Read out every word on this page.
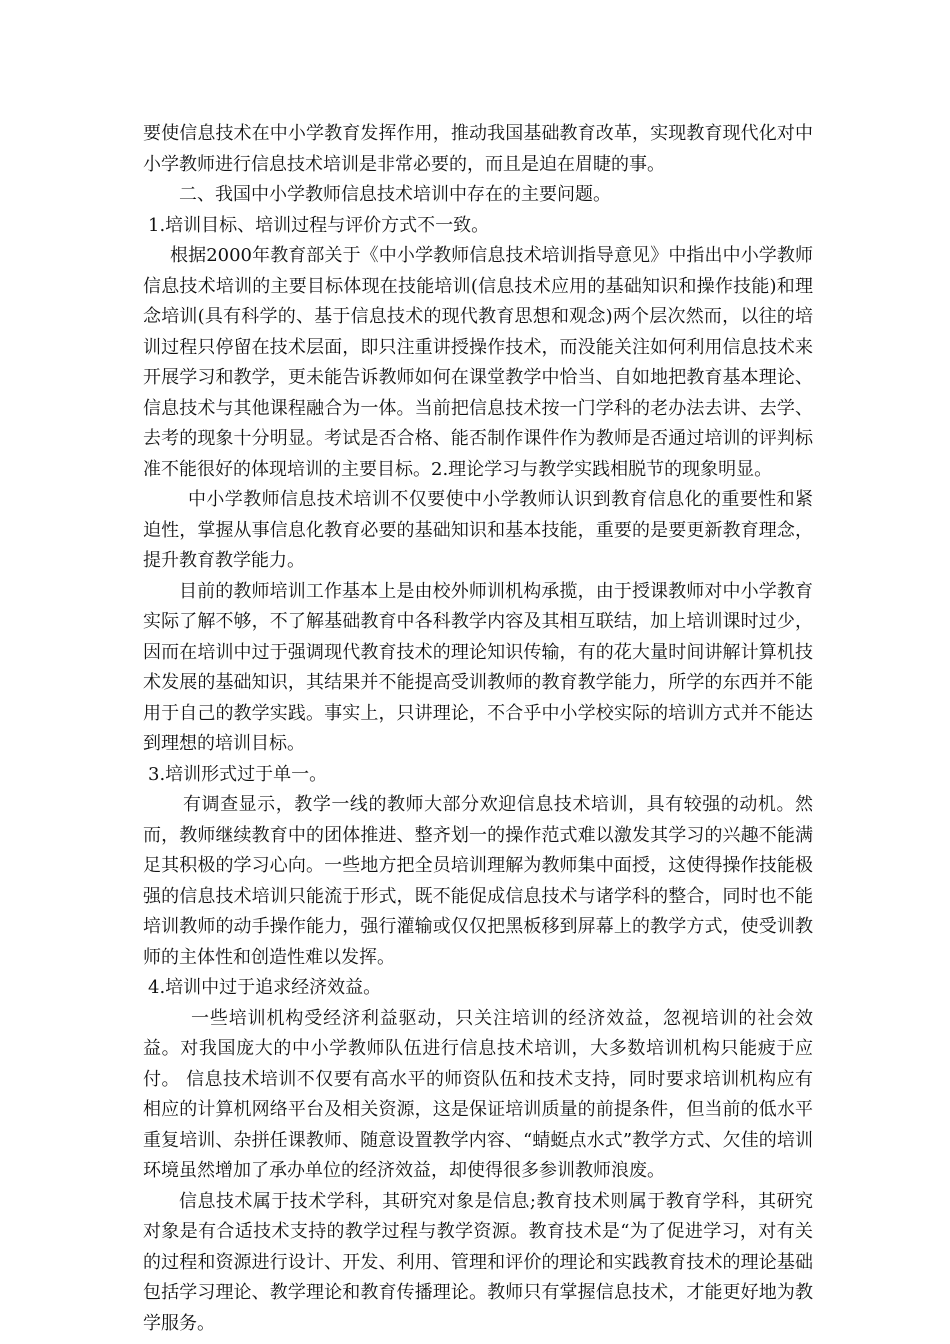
要使信息技术在中小学教育发挥作用，推动我国基础教育改革，实现教育现代化对中小学教师进行信息技术培训是非常必要的，而且是迫在眉睫的事。

二、我国中小学教师信息技术培训中存在的主要问题。

1.培训目标、培训过程与评价方式不一致。

根据2000年教育部关于《中小学教师信息技术培训指导意见》中指出中小学教师信息技术培训的主要目标体现在技能培训(信息技术应用的基础知识和操作技能)和理念培训(具有科学的、基于信息技术的现代教育思想和观念)两个层次然而，以往的培训过程只停留在技术层面，即只注重讲授操作技术，而没能关注如何利用信息技术来开展学习和教学，更未能告诉教师如何在课堂教学中恰当、自如地把教育基本理论、信息技术与其他课程融合为一体。当前把信息技术按一门学科的老办法去讲、去学、去考的现象十分明显。考试是否合格、能否制作课件作为教师是否通过培训的评判标准不能很好的体现培训的主要目标。2.理论学习与教学实践相脱节的现象明显。

中小学教师信息技术培训不仅要使中小学教师认识到教育信息化的重要性和紧迫性，掌握从事信息化教育必要的基础知识和基本技能，重要的是要更新教育理念，提升教育教学能力。

目前的教师培训工作基本上是由校外师训机构承揽，由于授课教师对中小学教育实际了解不够，不了解基础教育中各科教学内容及其相互联结，加上培训课时过少，因而在培训中过于强调现代教育技术的理论知识传输，有的花大量时间讲解计算机技术发展的基础知识，其结果并不能提高受训教师的教育教学能力，所学的东西并不能用于自己的教学实践。事实上，只讲理论，不合乎中小学校实际的培训方式并不能达到理想的培训目标。

3.培训形式过于单一。

有调查显示，教学一线的教师大部分欢迎信息技术培训，具有较强的动机。然而，教师继续教育中的团体推进、整齐划一的操作范式难以激发其学习的兴趣不能满足其积极的学习心向。一些地方把全员培训理解为教师集中面授，这使得操作技能极强的信息技术培训只能流于形式，既不能促成信息技术与诸学科的整合，同时也不能培训教师的动手操作能力，强行灌输或仅仅把黑板移到屏幕上的教学方式，使受训教师的主体性和创造性难以发挥。

4.培训中过于追求经济效益。

一些培训机构受经济利益驱动，只关注培训的经济效益，忽视培训的社会效益。对我国庞大的中小学教师队伍进行信息技术培训，大多数培训机构只能疲于应付。 信息技术培训不仅要有高水平的师资队伍和技术支持，同时要求培训机构应有相应的计算机网络平台及相关资源，这是保证培训质量的前提条件，但当前的低水平重复培训、杂拼任课教师、随意设置教学内容、“蜻蜓点水式”教学方式、欠佳的培训环境虽然增加了承办单位的经济效益，却使得很多参训教师浪废。

信息技术属于技术学科，其研究对象是信息;教育技术则属于教育学科，其研究对象是有合适技术支持的教学过程与教学资源。教育技术是“为了促进学习，对有关的过程和资源进行设计、开发、利用、管理和评价的理论和实践教育技术的理论基础包括学习理论、教学理论和教育传播理论。教师只有掌握信息技术，才能更好地为教学服务。
